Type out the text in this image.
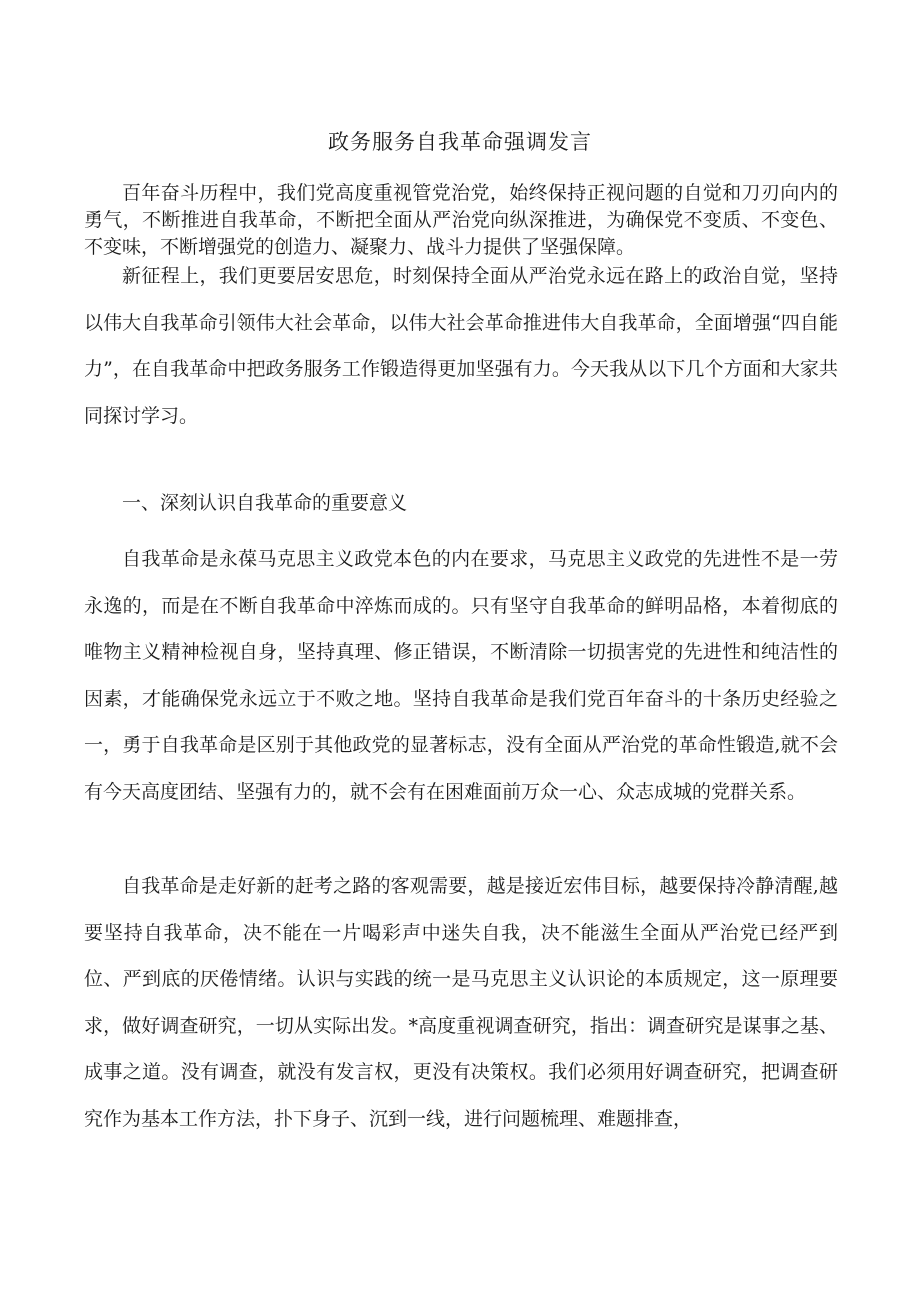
政务服务自我革命强调发言

百年奋斗历程中，我们党高度重视管党治党，始终保持正视问题的自觉和刀刃向内的勇气，不断推进自我革命，不断把全面从严治党向纵深推进，为确保党不变质、不变色、不变味，不断增强党的创造力、凝聚力、战斗力提供了坚强保障。

新征程上，我们更要居安思危，时刻保持全面从严治党永远在路上的政治自觉，坚持以伟大自我革命引领伟大社会革命，以伟大社会革命推进伟大自我革命，全面增强“四自能力”，在自我革命中把政务服务工作锻造得更加坚强有力。今天我从以下几个方面和大家共同探讨学习。

一、深刻认识自我革命的重要意义

自我革命是永葆马克思主义政党本色的内在要求，马克思主义政党的先进性不是一劳永逸的，而是在不断自我革命中淬炼而成的。只有坚守自我革命的鲜明品格，本着彻底的唯物主义精神检视自身，坚持真理、修正错误，不断清除一切损害党的先进性和纯洁性的因素，才能确保党永远立于不败之地。坚持自我革命是我们党百年奋斗的十条历史经验之一，勇于自我革命是区别于其他政党的显著标志，没有全面从严治党的革命性锻造,就不会有今天高度团结、坚强有力的，就不会有在困难面前万众一心、众志成城的党群关系。

自我革命是走好新的赶考之路的客观需要，越是接近宏伟目标，越要保持冷静清醒,越要坚持自我革命，决不能在一片喝彩声中迷失自我，决不能滋生全面从严治党已经严到位、严到底的厌倦情绪。认识与实践的统一是马克思主义认识论的本质规定，这一原理要求，做好调查研究，一切从实际出发。*高度重视调查研究，指出：调查研究是谋事之基、成事之道。没有调查，就没有发言权，更没有决策权。我们必须用好调查研究，把调查研究作为基本工作方法，扑下身子、沉到一线，进行问题梳理、难题排查，
